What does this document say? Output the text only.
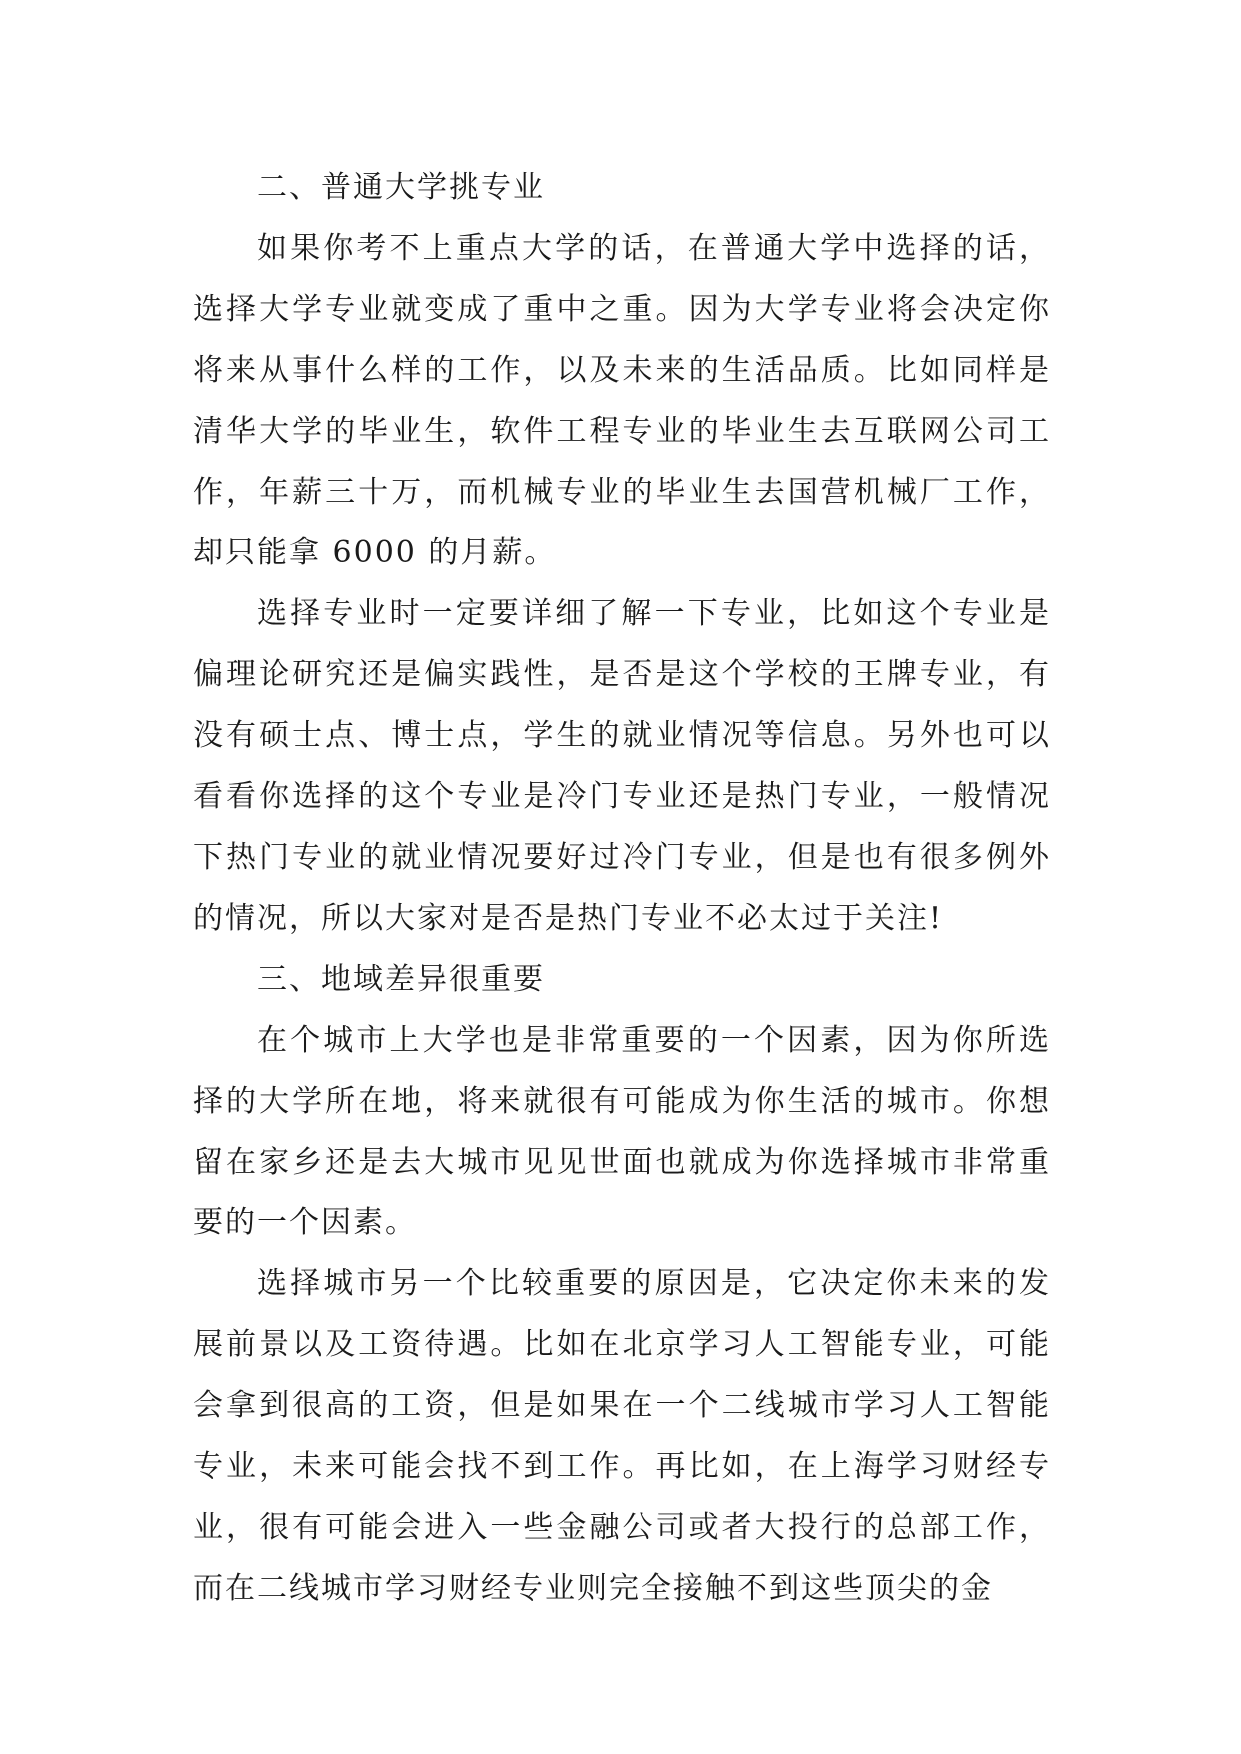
二、普通大学挑专业

如果你考不上重点大学的话，在普通大学中选择的话，选择大学专业就变成了重中之重。因为大学专业将会决定你将来从事什么样的工作，以及未来的生活品质。比如同样是清华大学的毕业生，软件工程专业的毕业生去互联网公司工作，年薪三十万，而机械专业的毕业生去国营机械厂工作，却只能拿 6000 的月薪。

选择专业时一定要详细了解一下专业，比如这个专业是偏理论研究还是偏实践性，是否是这个学校的王牌专业，有没有硕士点、博士点，学生的就业情况等信息。另外也可以看看你选择的这个专业是冷门专业还是热门专业，一般情况下热门专业的就业情况要好过冷门专业，但是也有很多例外的情况，所以大家对是否是热门专业不必太过于关注!

三、地域差异很重要

在个城市上大学也是非常重要的一个因素，因为你所选择的大学所在地，将来就很有可能成为你生活的城市。你想留在家乡还是去大城市见见世面也就成为你选择城市非常重要的一个因素。

选择城市另一个比较重要的原因是，它决定你未来的发展前景以及工资待遇。比如在北京学习人工智能专业，可能会拿到很高的工资，但是如果在一个二线城市学习人工智能专业，未来可能会找不到工作。再比如，在上海学习财经专业，很有可能会进入一些金融公司或者大投行的总部工作，而在二线城市学习财经专业则完全接触不到这些顶尖的金
